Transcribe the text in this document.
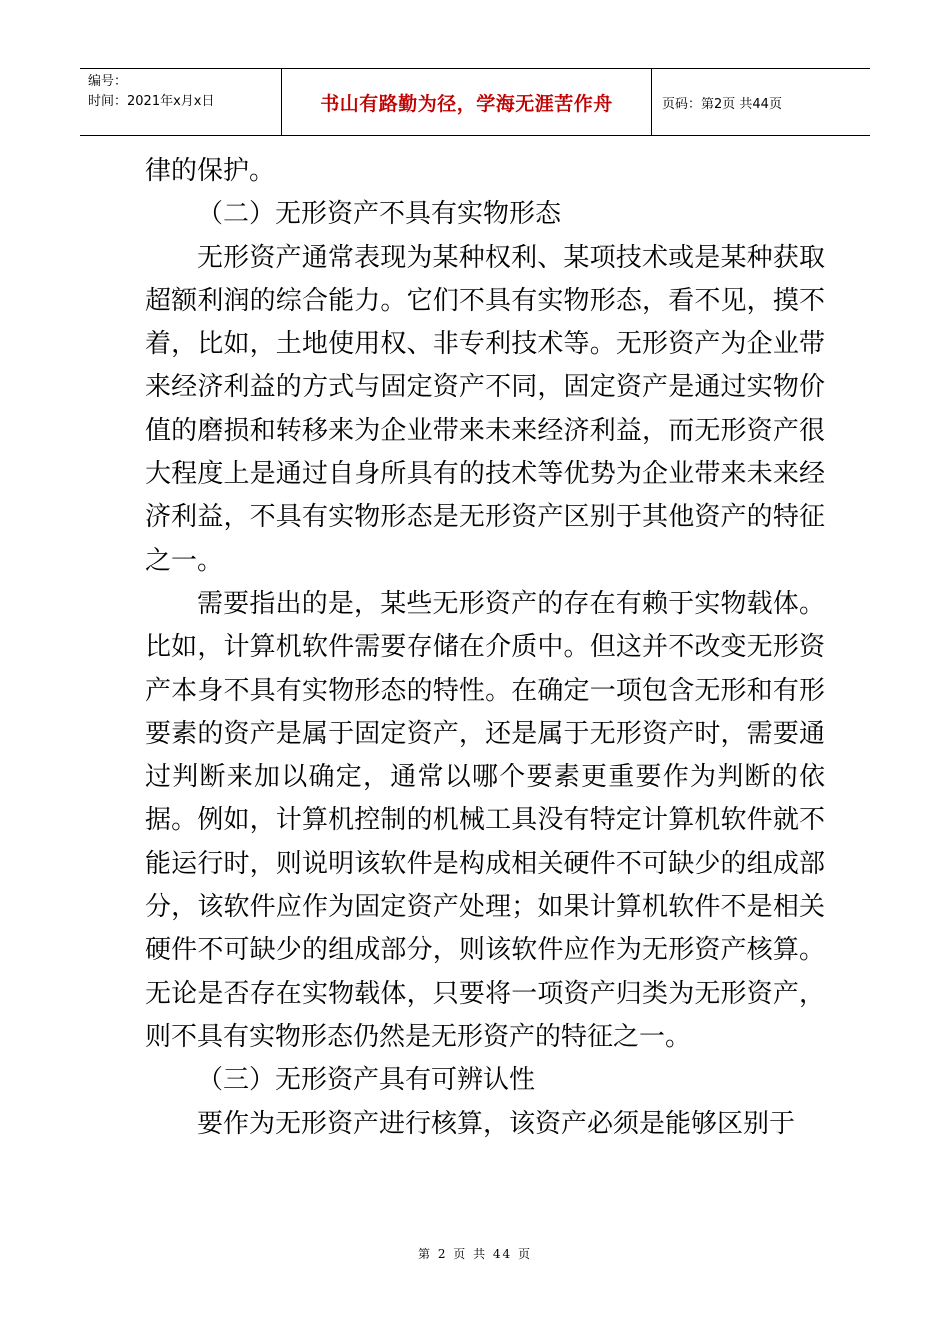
编号：
时间：2021年x月x日	书山有路勤为径，学海无涯苦作舟	页码：第2页 共44页

律的保护。

（二）无形资产不具有实物形态

无形资产通常表现为某种权利、某项技术或是某种获取超额利润的综合能力。它们不具有实物形态，看不见，摸不着，比如，土地使用权、非专利技术等。无形资产为企业带来经济利益的方式与固定资产不同，固定资产是通过实物价值的磨损和转移来为企业带来未来经济利益，而无形资产很大程度上是通过自身所具有的技术等优势为企业带来未来经济利益，不具有实物形态是无形资产区别于其他资产的特征之一。

需要指出的是，某些无形资产的存在有赖于实物载体。比如，计算机软件需要存储在介质中。但这并不改变无形资产本身不具有实物形态的特性。在确定一项包含无形和有形要素的资产是属于固定资产，还是属于无形资产时，需要通过判断来加以确定，通常以哪个要素更重要作为判断的依据。例如，计算机控制的机械工具没有特定计算机软件就不能运行时，则说明该软件是构成相关硬件不可缺少的组成部分，该软件应作为固定资产处理；如果计算机软件不是相关硬件不可缺少的组成部分，则该软件应作为无形资产核算。无论是否存在实物载体，只要将一项资产归类为无形资产，则不具有实物形态仍然是无形资产的特征之一。

（三）无形资产具有可辨认性

要作为无形资产进行核算，该资产必须是能够区别于

第 2 页 共 44 页
